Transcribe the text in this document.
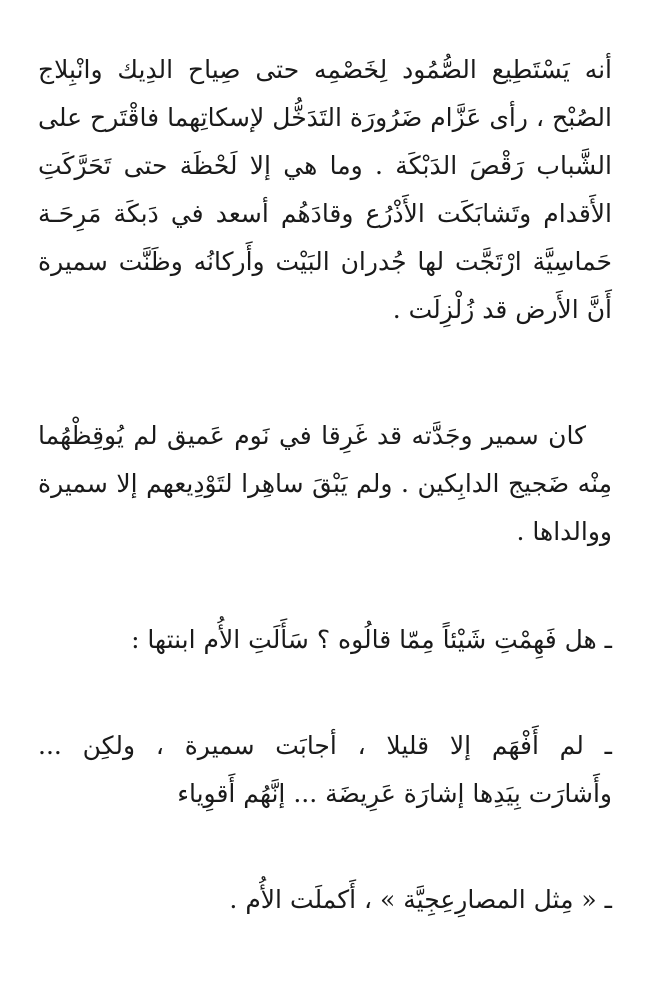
أنه يَسْتَطِيع الصُّمُود لِخَصْمِه حتى صِياح الدِيك وانْبِلاج
الصُبْح ، رأى عَزَّام ضَرُورَة التَدَخُّل لإسكاتِهما فاقْتَرح على
الشَّباب رَقْصَ الدَبْكَة . وما هي إلا لَحْظَة حتى تَحَرَّكَتِ
الأَقدام وتَشابَكَت الأَذْرُع وقادَهُم أسعد في دَبكَة مَرِحَـة
حَماسِيَّة ارْتَجَّت لها جُدران البَيْت وأَركانُه وظَنَّت سميرة
أَنَّ الأَرض قد زُلْزِلَت .
كان سمير وجَدَّته قد غَرِقا في نَوم عَميق لم يُوقِظْهُما
مِنْه ضَجيج الدابِكين . ولم يَبْقَ ساهِرا لتَوْدِيعهم إلا سميرة
ووالداها .
ـ هل فَهِمْتِ شَيْئاً مِمّا قالُوه ؟ سَأَلَتِ الأُم ابنتها :
ـ لم أَفْهَم إلا قليلا ، أجابَت سميرة ، ولكِن ...
وأَشارَت بِيَدِها إشارَة عَرِيضَة ... إنَّهُم أَقوِياء
ـ « مِثل المصارِعِجِيَّة » ، أَكملَت الأُم .
